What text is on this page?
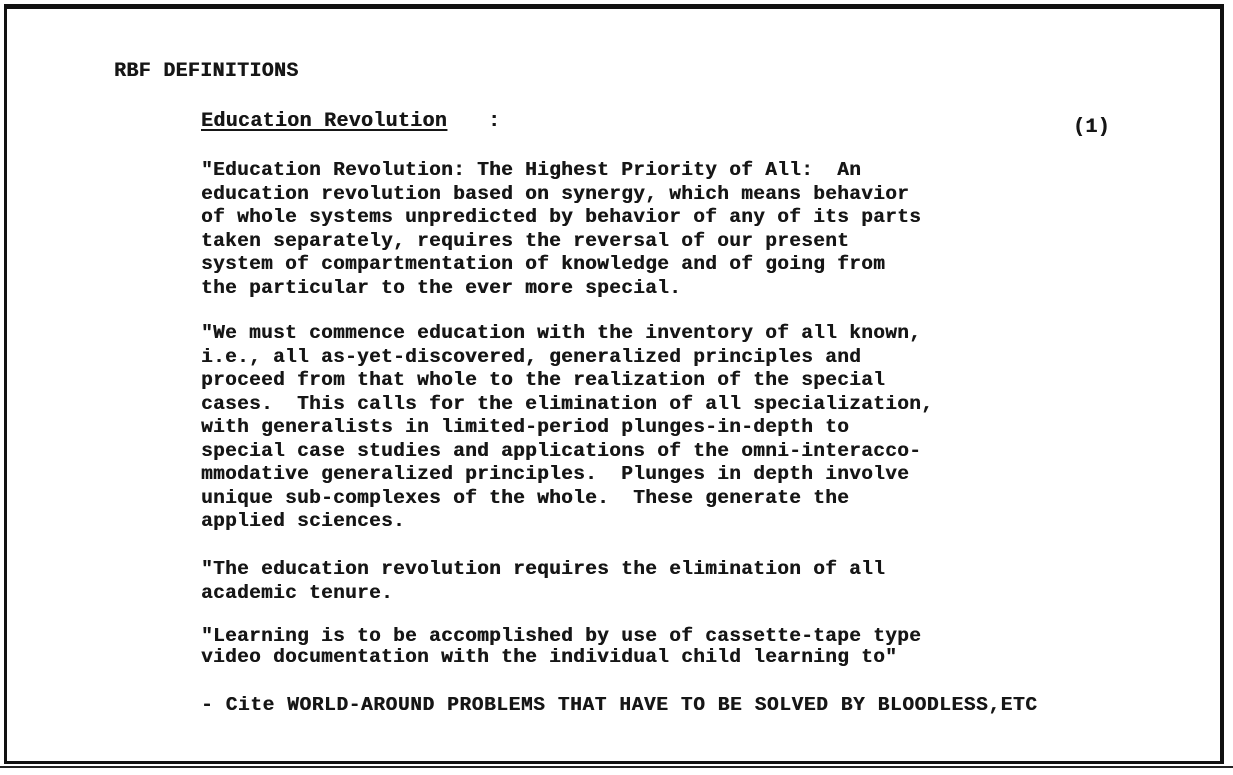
RBF DEFINITIONS

Education Revolution :	(1)

"Education Revolution: The Highest Priority of All:  An
education revolution based on synergy, which means behavior
of whole systems unpredicted by behavior of any of its parts
taken separately, requires the reversal of our present
system of compartmentation of knowledge and of going from
the particular to the ever more special.

"We must commence education with the inventory of all known,
i.e., all as-yet-discovered, generalized principles and
proceed from that whole to the realization of the special
cases.  This calls for the elimination of all specialization,
with generalists in limited-period plunges-in-depth to
special case studies and applications of the omni-interacco-
mmodative generalized principles.  Plunges in depth involve
unique sub-complexes of the whole.  These generate the
applied sciences.

"The education revolution requires the elimination of all
academic tenure.

"Learning is to be accomplished by use of cassette-tape type
video documentation with the individual child learning to"

- Cite WORLD-AROUND PROBLEMS THAT HAVE TO BE SOLVED BY BLOODLESS,ETC
